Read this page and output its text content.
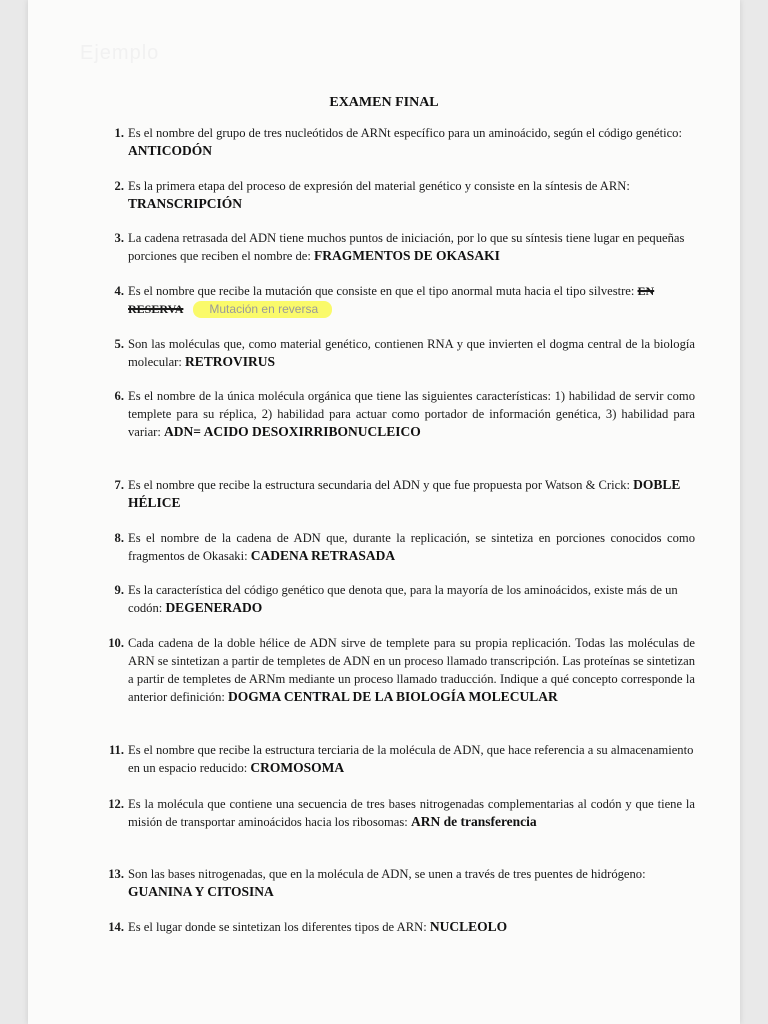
Ejemplo
EXAMEN FINAL
1. Es el nombre del grupo de tres nucleótidos de ARNt específico para un aminoácido, según el código genético: ANTICODÓN
2. Es la primera etapa del proceso de expresión del material genético y consiste en la síntesis de ARN: TRANSCRIPCIÓN
3. La cadena retrasada del ADN tiene muchos puntos de iniciación, por lo que su síntesis tiene lugar en pequeñas porciones que reciben el nombre de: FRAGMENTOS DE OKASAKI
4. Es el nombre que recibe la mutación que consiste en que el tipo anormal muta hacia el tipo silvestre: EN RESERVA Mutación en reversa
5. Son las moléculas que, como material genético, contienen RNA y que invierten el dogma central de la biología molecular: RETROVIRUS
6. Es el nombre de la única molécula orgánica que tiene las siguientes características: 1) habilidad de servir como templete para su réplica, 2) habilidad para actuar como portador de información genética, 3) habilidad para variar: ADN= ACIDO DESOXIRRIBONUCLEICO
7. Es el nombre que recibe la estructura secundaria del ADN y que fue propuesta por Watson & Crick: DOBLE HÉLICE
8. Es el nombre de la cadena de ADN que, durante la replicación, se sintetiza en porciones conocidos como fragmentos de Okasaki: CADENA RETRASADA
9. Es la característica del código genético que denota que, para la mayoría de los aminoácidos, existe más de un codón: DEGENERADO
10. Cada cadena de la doble hélice de ADN sirve de templete para su propia replicación. Todas las moléculas de ARN se sintetizan a partir de templetes de ADN en un proceso llamado transcripción. Las proteínas se sintetizan a partir de templetes de ARNm mediante un proceso llamado traducción. Indique a qué concepto corresponde la anterior definición: DOGMA CENTRAL DE LA BIOLOGÍA MOLECULAR
11. Es el nombre que recibe la estructura terciaria de la molécula de ADN, que hace referencia a su almacenamiento en un espacio reducido: CROMOSOMA
12. Es la molécula que contiene una secuencia de tres bases nitrogenadas complementarias al codón y que tiene la misión de transportar aminoácidos hacia los ribosomas: ARN de transferencia
13. Son las bases nitrogenadas, que en la molécula de ADN, se unen a través de tres puentes de hidrógeno: GUANINA Y CITOSINA
14. Es el lugar donde se sintetizan los diferentes tipos de ARN: NUCLEOLO
